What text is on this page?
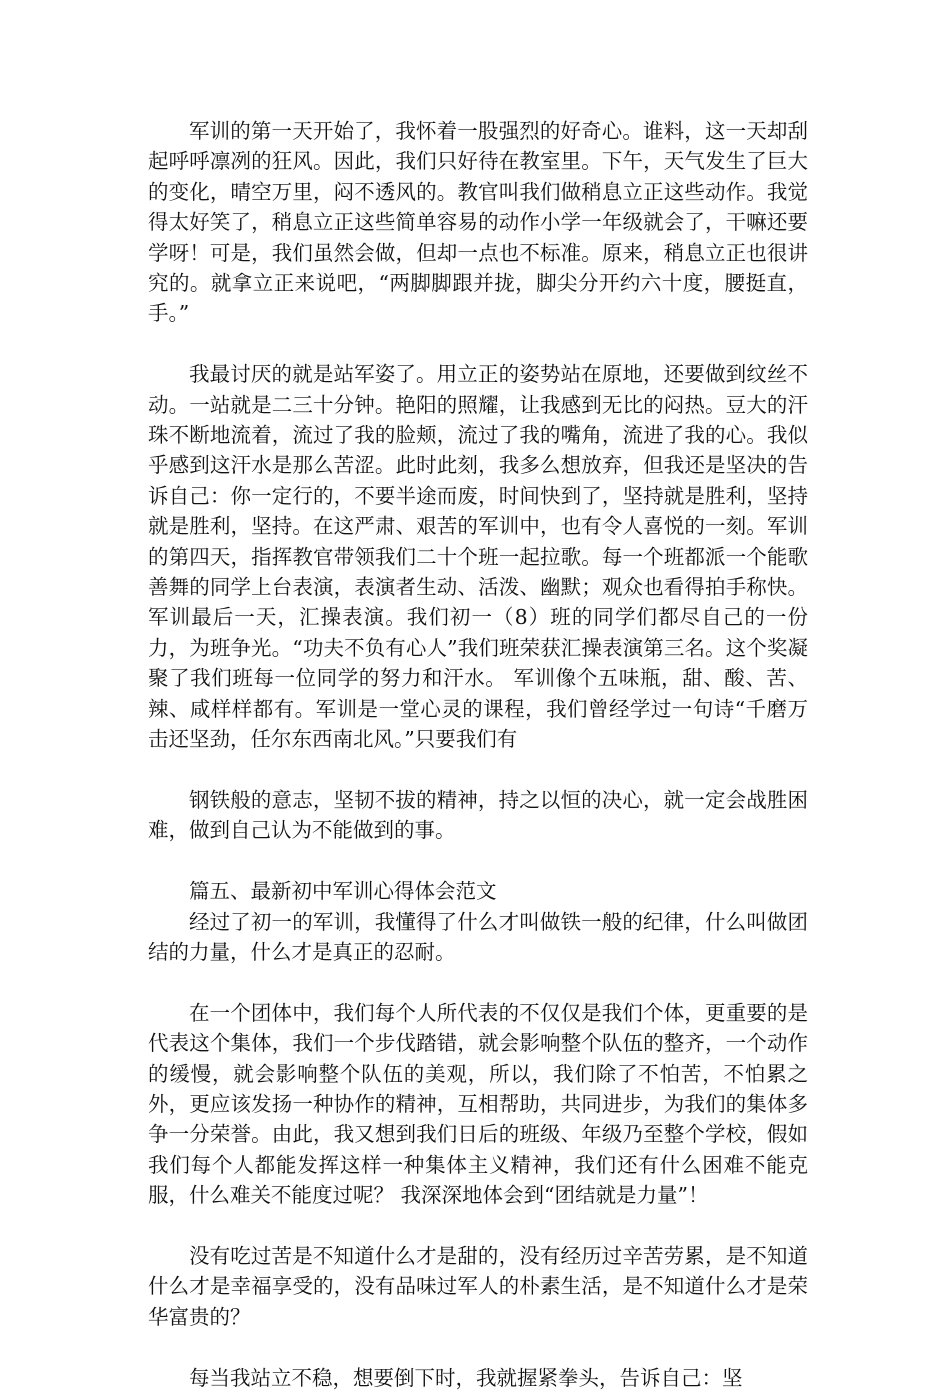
军训的第一天开始了，我怀着一股强烈的好奇心。谁料，这一天却刮起呼呼凛冽的狂风。因此，我们只好待在教室里。下午，天气发生了巨大的变化，晴空万里，闷不透风的。教官叫我们做稍息立正这些动作。我觉得太好笑了，稍息立正这些简单容易的动作小学一年级就会了，干嘛还要学呀！可是，我们虽然会做，但却一点也不标准。原来，稍息立正也很讲究的。就拿立正来说吧，“两脚脚跟并拢，脚尖分开约六十度，腰挺直，手。”

我最讨厌的就是站军姿了。用立正的姿势站在原地，还要做到纹丝不动。一站就是二三十分钟。艳阳的照耀，让我感到无比的闷热。豆大的汗珠不断地流着，流过了我的脸颊，流过了我的嘴角，流进了我的心。我似乎感到这汗水是那么苦涩。此时此刻，我多么想放弃，但我还是坚决的告诉自己：你一定行的，不要半途而废，时间快到了，坚持就是胜利，坚持就是胜利，坚持。在这严肃、艰苦的军训中，也有令人喜悦的一刻。军训的第四天，指挥教官带领我们二十个班一起拉歌。每一个班都派一个能歌善舞的同学上台表演，表演者生动、活泼、幽默；观众也看得拍手称快。军训最后一天，汇操表演。我们初一（8）班的同学们都尽自己的一份力，为班争光。“功夫不负有心人”我们班荣获汇操表演第三名。这个奖凝聚了我们班每一位同学的努力和汗水。 军训像个五味瓶，甜、酸、苦、辣、咸样样都有。军训是一堂心灵的课程，我们曾经学过一句诗“千磨万击还坚劲，任尔东西南北风。”只要我们有

钢铁般的意志，坚韧不拔的精神，持之以恒的决心，就一定会战胜困难，做到自己认为不能做到的事。

篇五、最新初中军训心得体会范文

经过了初一的军训，我懂得了什么才叫做铁一般的纪律，什么叫做团结的力量，什么才是真正的忍耐。

在一个团体中，我们每个人所代表的不仅仅是我们个体，更重要的是代表这个集体，我们一个步伐踏错，就会影响整个队伍的整齐，一个动作的缓慢，就会影响整个队伍的美观，所以，我们除了不怕苦，不怕累之外，更应该发扬一种协作的精神，互相帮助，共同进步，为我们的集体多争一分荣誉。由此，我又想到我们日后的班级、年级乃至整个学校，假如我们每个人都能发挥这样一种集体主义精神，我们还有什么困难不能克服，什么难关不能度过呢？ 我深深地体会到“团结就是力量”！

没有吃过苦是不知道什么才是甜的，没有经历过辛苦劳累，是不知道什么才是幸福享受的，没有品味过军人的朴素生活，是不知道什么才是荣华富贵的？

每当我站立不稳，想要倒下时，我就握紧拳头，告诉自己：坚
